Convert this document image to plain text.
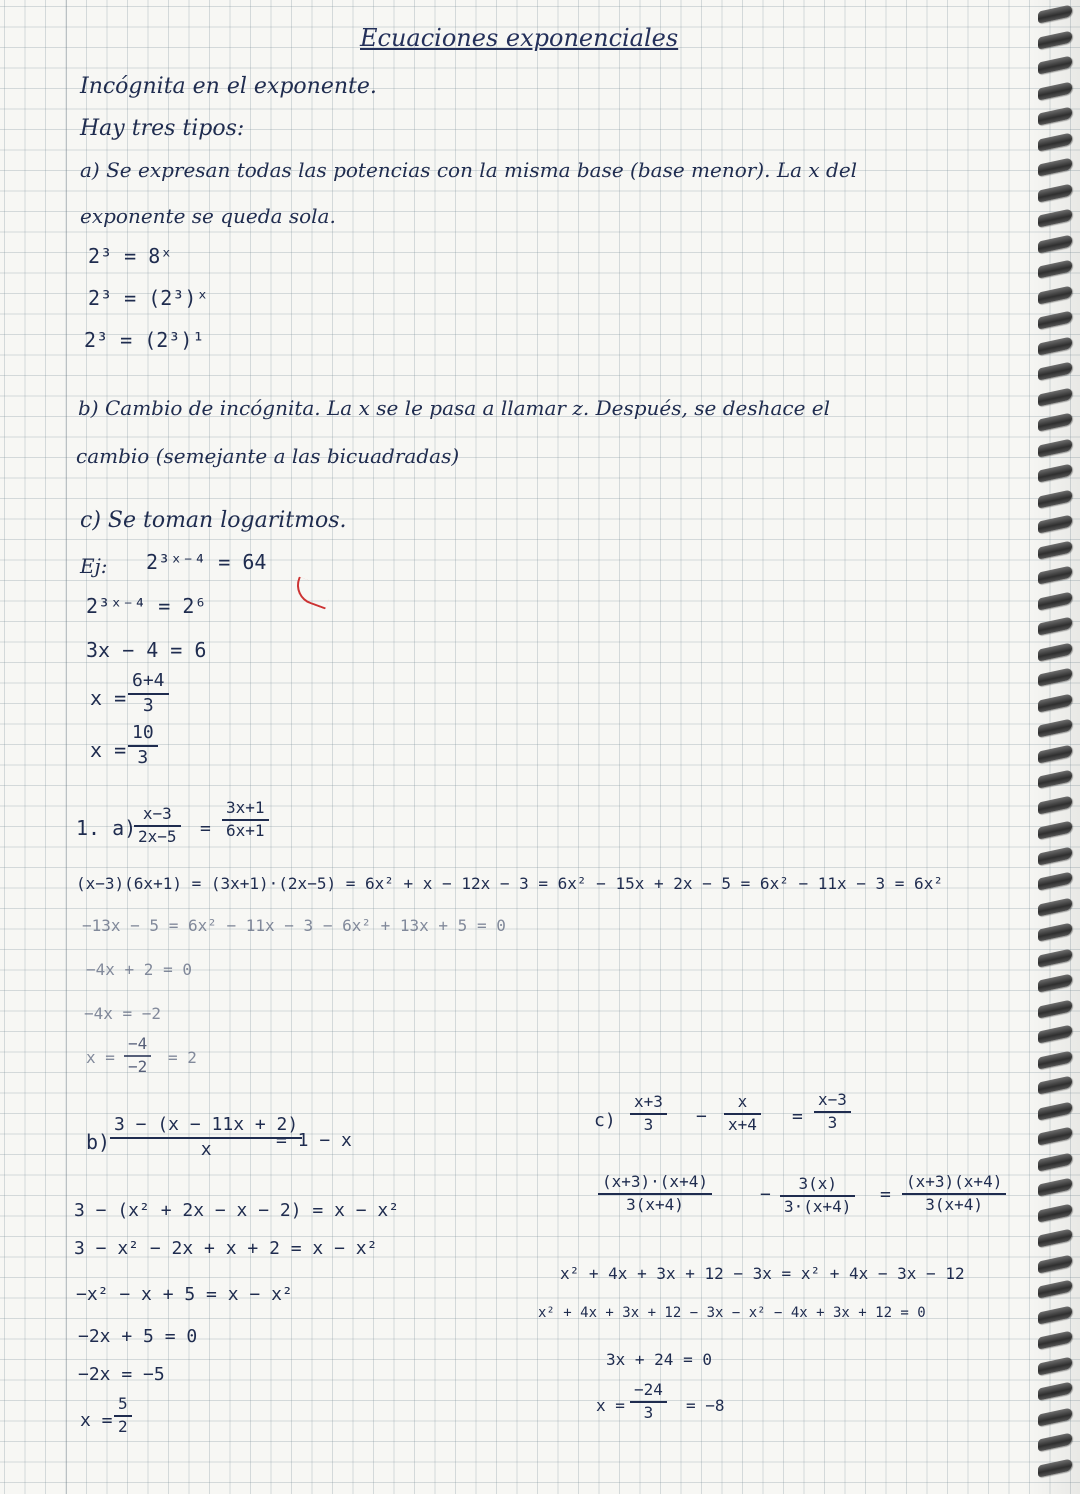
Ecuaciones exponenciales
Incógnita en el exponente.
Hay tres tipos:
a) Se expresan todas las potencias con la misma base (base menor). La x del
exponente se queda sola.
2³ = 8ˣ
2³ = (2³)ˣ
2³ = (2³)¹
b) Cambio de incógnita. La x se le pasa a llamar z. Después, se deshace el
cambio (semejante a las bicuadradas)
c) Se toman logaritmos.
Ej: 2³ˣ⁻⁴ = 64
2³ˣ⁻⁴ = 2⁶
3x − 4 = 6
x =
6+4
3
x =
10
3
1. a)
x−3
2x−5 =
3x+1
6x+1
(x−3)(6x+1) = (3x+1)·(2x−5) = 6x² + x − 12x − 3 = 6x² − 15x + 2x − 5 = 6x² − 11x − 3 = 6x²
−13x − 5 = 6x² − 11x − 3 − 6x² + 13x + 5 = 0
−4x + 2 = 0
−4x = −2
x =
−4
−2 = 2
b)
3 − (x − 11x + 2)
x	= 1 − x
3 − (x² + 2x − x − 2) = x − x²
3 − x² − 2x + x + 2 = x − x²
−x² − x + 5 = x − x²
−2x + 5 = 0
−2x = −5
x =
5
2
c)
x+3
3 −
x
x+4 =
x−3
3
(x+3)·(x+4)
3(x+4)	−
3(x)
3·(x+4)
=
(x+3)(x+4)
3(x+4)
x² + 4x + 3x + 12 − 3x = x² + 4x − 3x − 12
x² + 4x + 3x + 12 − 3x − x² − 4x + 3x + 12 = 0
3x + 24 = 0
x =
−24
3 = −8
